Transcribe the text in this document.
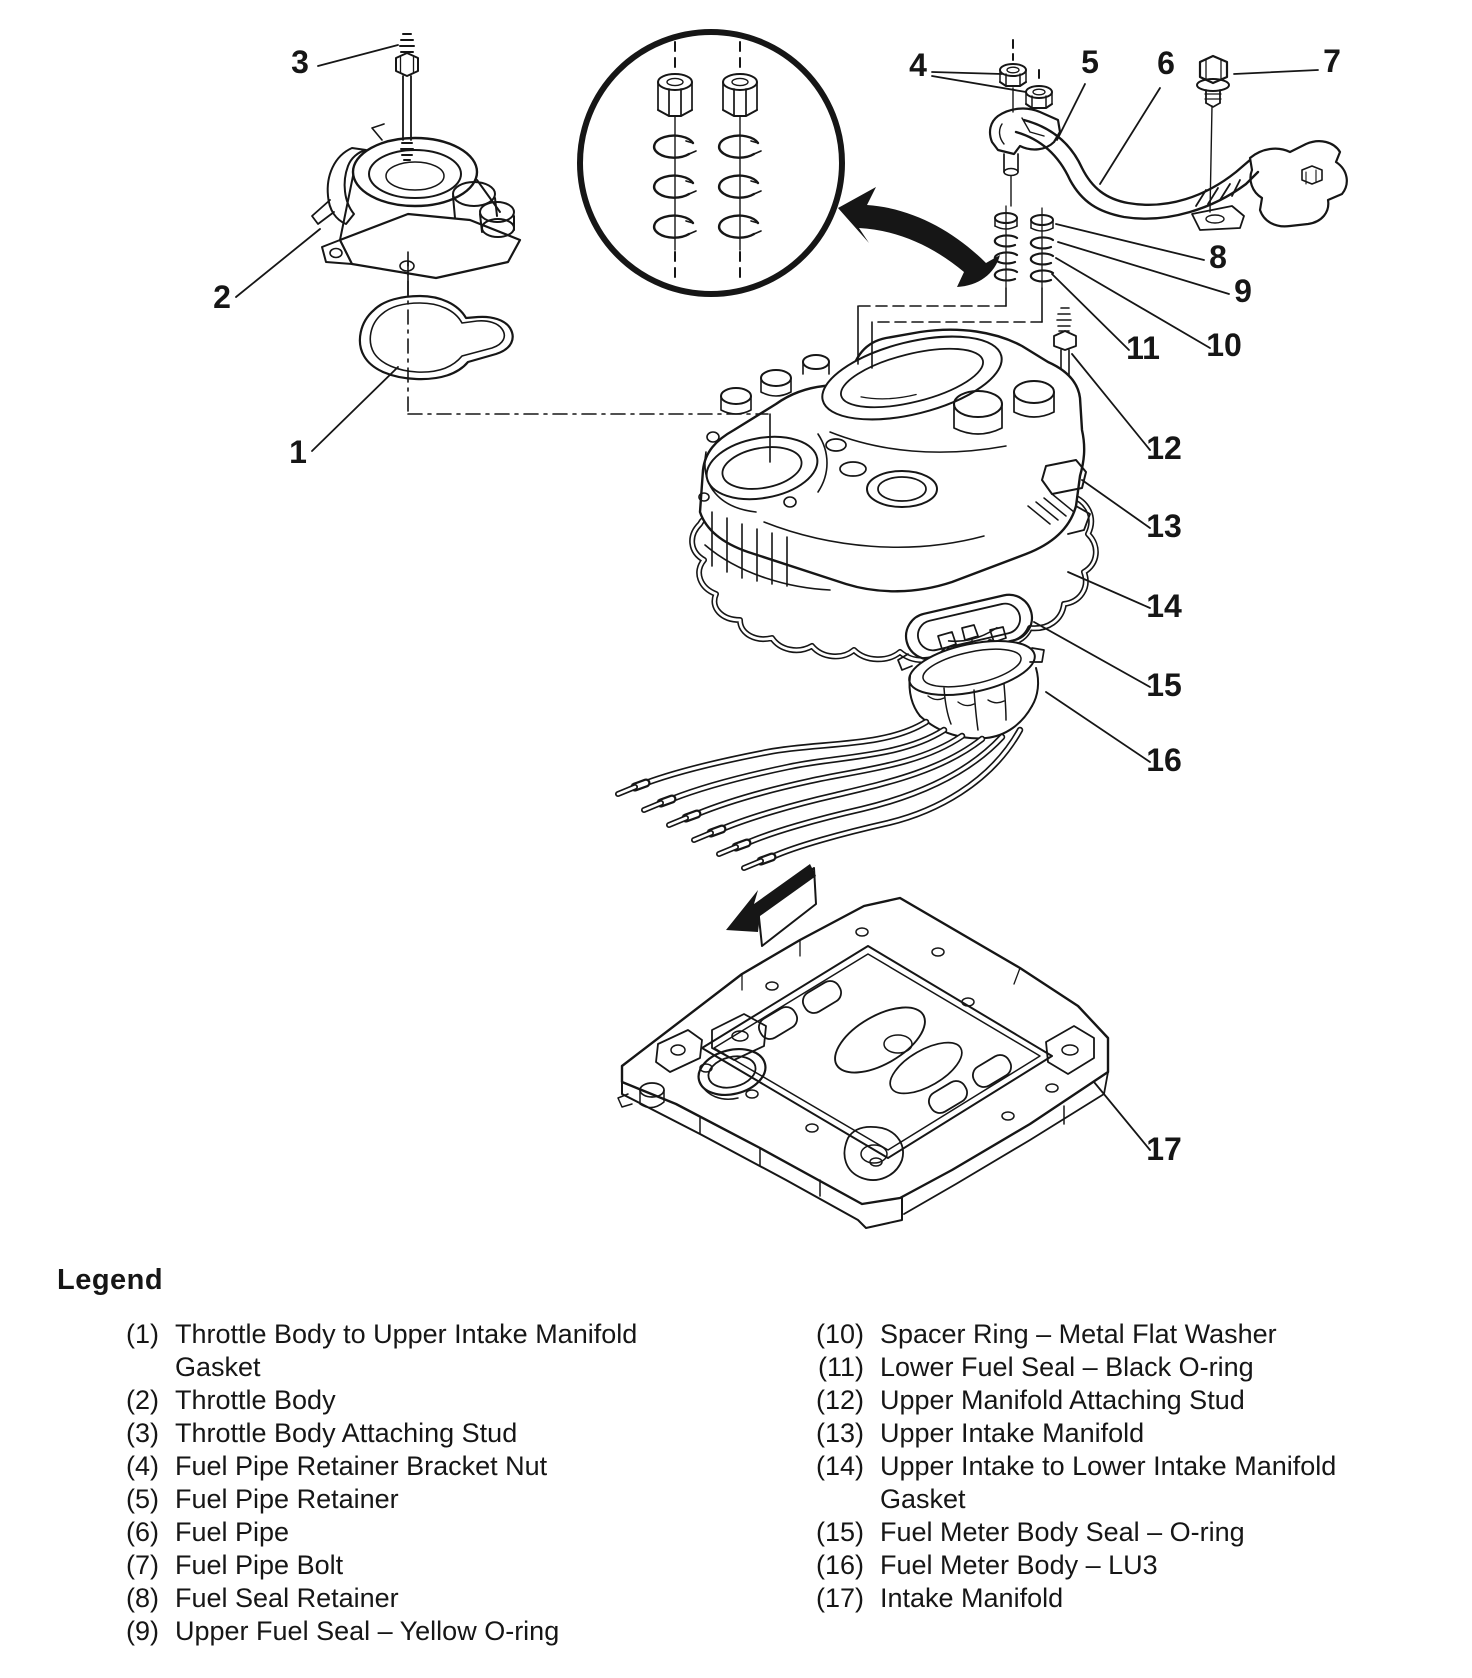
3
2
1
4	5 6	7
8
9
10
11
12
13
14
15
16
17
Legend
(1) Throttle Body to Upper Intake Manifold Gasket
(2) Throttle Body
(3) Throttle Body Attaching Stud
(4) Fuel Pipe Retainer Bracket Nut
(5) Fuel Pipe Retainer
(6) Fuel Pipe
(7) Fuel Pipe Bolt
(8) Fuel Seal Retainer
(9) Upper Fuel Seal – Yellow O-ring
(10) Spacer Ring – Metal Flat Washer
(11) Lower Fuel Seal – Black O-ring
(12) Upper Manifold Attaching Stud
(13) Upper Intake Manifold
(14) Upper Intake to Lower Intake Manifold Gasket
(15) Fuel Meter Body Seal – O-ring
(16) Fuel Meter Body – LU3
(17) Intake Manifold
